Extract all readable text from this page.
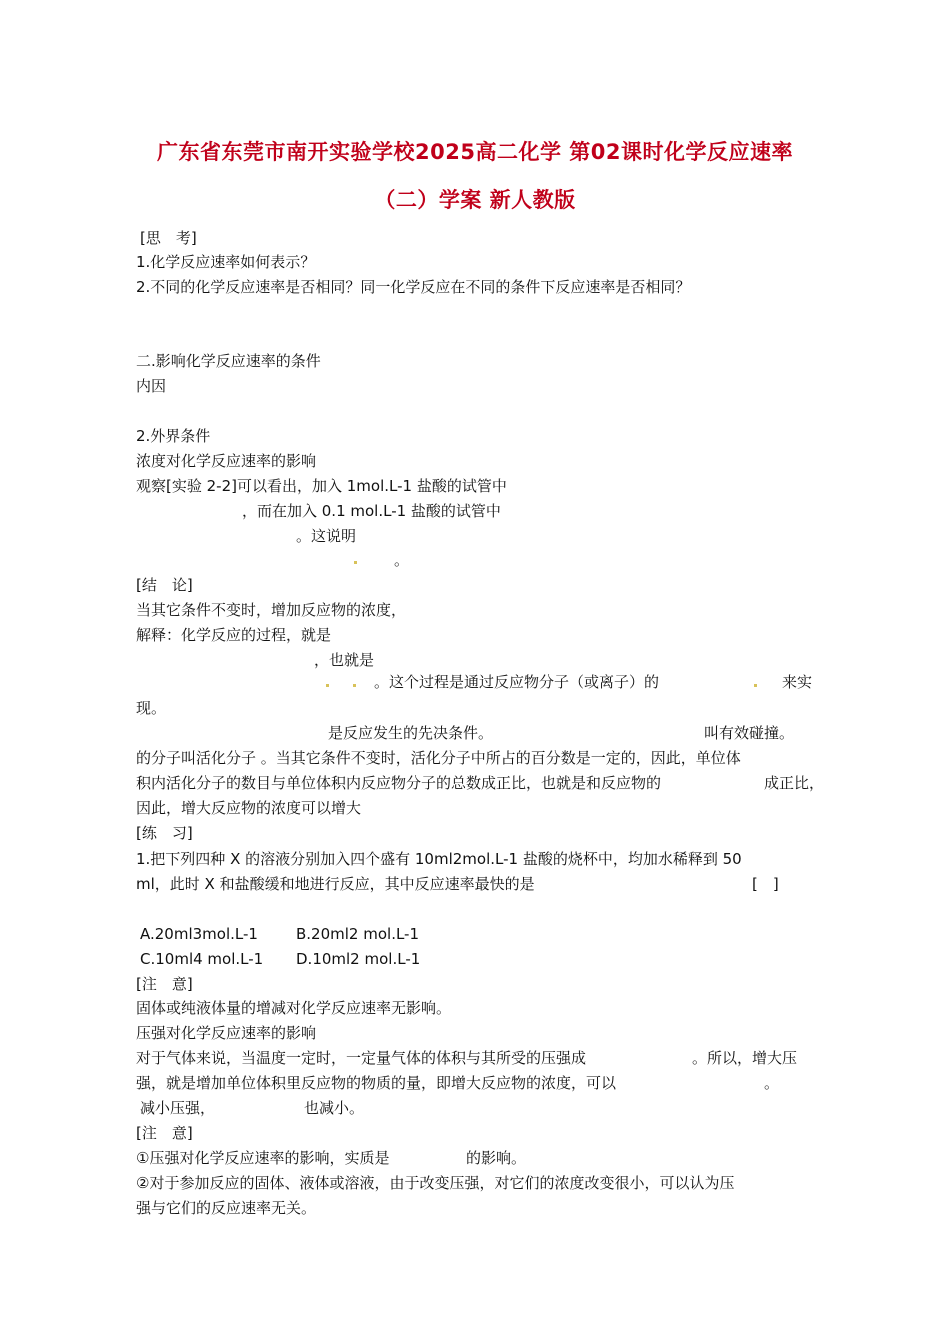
广东省东莞市南开实验学校2025高二化学 第02课时化学反应速率
（二）学案 新人教版
[思　考]
1.化学反应速率如何表示？
2.不同的化学反应速率是否相同？同一化学反应在不同的条件下反应速率是否相同？
二.影响化学反应速率的条件
内因
2.外界条件
浓度对化学反应速率的影响
观察[实验 2-2]可以看出，加入 1mol.L-1 盐酸的试管中
，而在加入 0.1 mol.L-1 盐酸的试管中
。这说明
。
[结　论]
当其它条件不变时，增加反应物的浓度，
解释：化学反应的过程，就是
，也就是
。这个过程是通过反应物分子（或离子）的	来实
现。
是反应发生的先决条件。	叫有效碰撞。
的分子叫活化分子 。当其它条件不变时，活化分子中所占的百分数是一定的，因此，单位体
积内活化分子的数目与单位体积内反应物分子的总数成正比，也就是和反应物的	成正比，
因此，增大反应物的浓度可以增大
[练　习]
1.把下列四种 X 的溶液分别加入四个盛有 10ml2mol.L-1 盐酸的烧杯中，均加水稀释到 50
ml，此时 X 和盐酸缓和地进行反应，其中反应速率最快的是	[　]
A.20ml3mol.L-1	B.20ml2 mol.L-1
C.10ml4 mol.L-1 D.10ml2 mol.L-1
[注　意]
固体或纯液体量的增减对化学反应速率无影响。
压强对化学反应速率的影响
对于气体来说，当温度一定时，一定量气体的体积与其所受的压强成	。所以，增大压
强，就是增加单位体积里反应物的物质的量，即增大反应物的浓度，可以	。
减小压强，	也减小。
[注　意]
①压强对化学反应速率的影响，实质是	的影响。
②对于参加反应的固体、液体或溶液，由于改变压强，对它们的浓度改变很小，可以认为压
强与它们的反应速率无关。
